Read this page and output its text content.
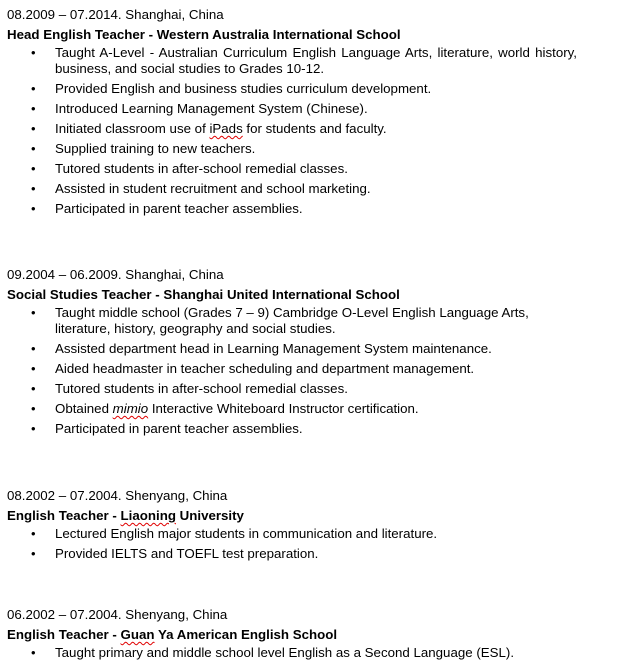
08.2009 – 07.2014. Shanghai, China
Head English Teacher - Western Australia International School
• Taught A-Level - Australian Curriculum English Language Arts, literature, world history, business, and social studies to Grades 10-12.
• Provided English and business studies curriculum development.
• Introduced Learning Management System (Chinese).
• Initiated classroom use of iPads for students and faculty.
• Supplied training to new teachers.
• Tutored students in after-school remedial classes.
• Assisted in student recruitment and school marketing.
• Participated in parent teacher assemblies.
09.2004 – 06.2009. Shanghai, China
Social Studies Teacher - Shanghai United International School
• Taught middle school (Grades 7 – 9) Cambridge O-Level English Language Arts, literature, history, geography and social studies.
• Assisted department head in Learning Management System maintenance.
• Aided headmaster in teacher scheduling and department management.
• Tutored students in after-school remedial classes.
• Obtained mimio Interactive Whiteboard Instructor certification.
• Participated in parent teacher assemblies.
08.2002 – 07.2004. Shenyang, China
English Teacher - Liaoning University
• Lectured English major students in communication and literature.
• Provided IELTS and TOEFL test preparation.
06.2002 – 07.2004. Shenyang, China
English Teacher - Guan Ya American English School
• Taught primary and middle school level English as a Second Language (ESL).
